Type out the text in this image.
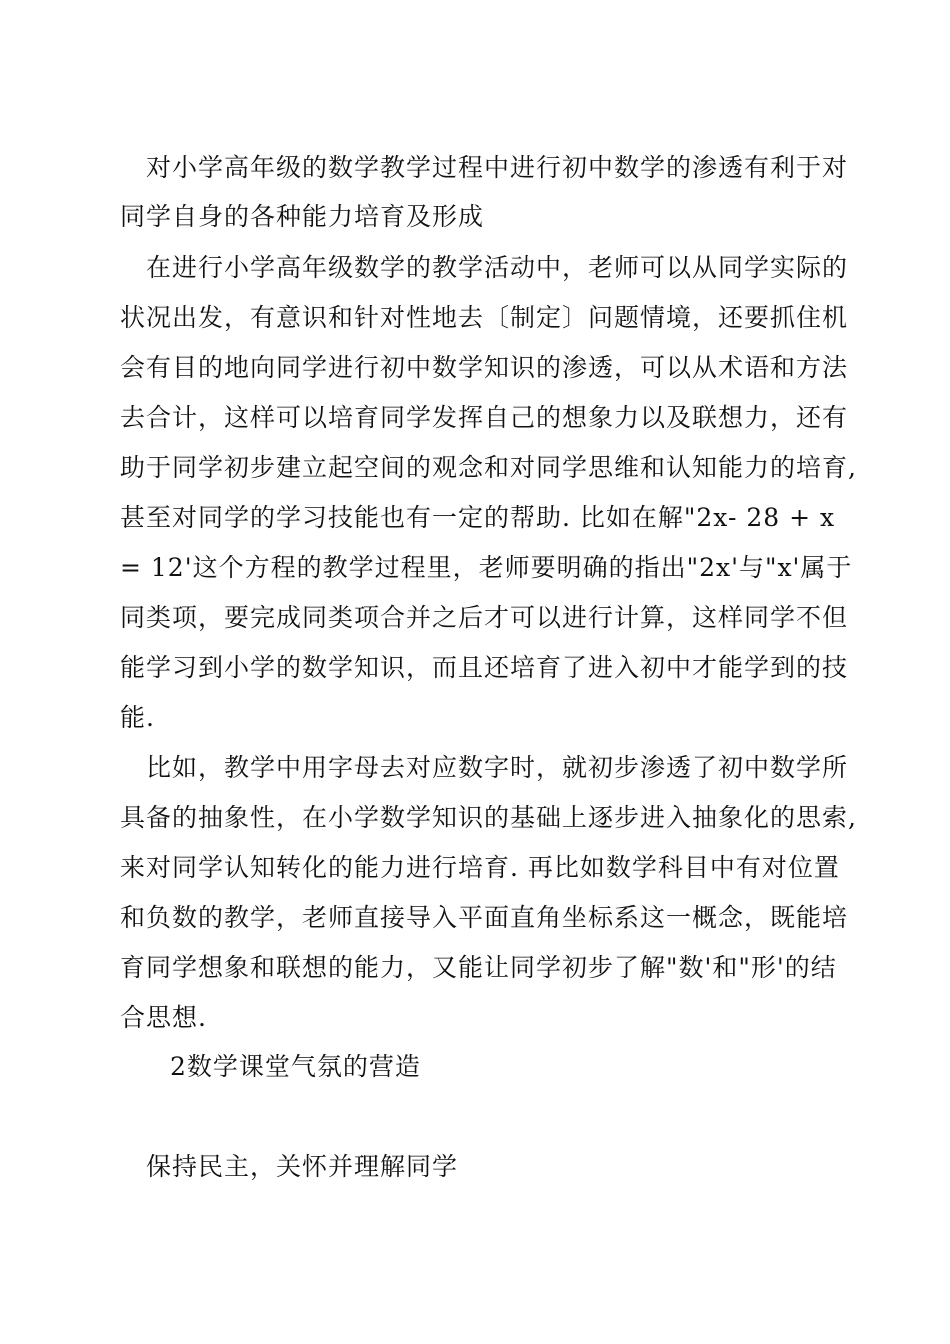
对小学高年级的数学教学过程中进行初中数学的渗透有利于对
同学自身的各种能力培育及形成
在进行小学高年级数学的教学活动中，老师可以从同学实际的
状况出发，有意识和针对性地去〔制定〕问题情境，还要抓住机
会有目的地向同学进行初中数学知识的渗透，可以从术语和方法
去合计，这样可以培育同学发挥自己的想象力以及联想力，还有
助于同学初步建立起空间的观念和对同学思维和认知能力的培育,
甚至对同学的学习技能也有一定的帮助. 比如在解"2x- 28 + x
= 12'这个方程的教学过程里，老师要明确的指出"2x'与"x'属于
同类项，要完成同类项合并之后才可以进行计算，这样同学不但
能学习到小学的数学知识，而且还培育了进入初中才能学到的技
能.
比如，教学中用字母去对应数字时，就初步渗透了初中数学所
具备的抽象性，在小学数学知识的基础上逐步进入抽象化的思索,
来对同学认知转化的能力进行培育. 再比如数学科目中有对位置
和负数的教学，老师直接导入平面直角坐标系这一概念，既能培
育同学想象和联想的能力，又能让同学初步了解"数'和"形'的结
合思想.
2数学课堂气氛的营造
保持民主，关怀并理解同学
